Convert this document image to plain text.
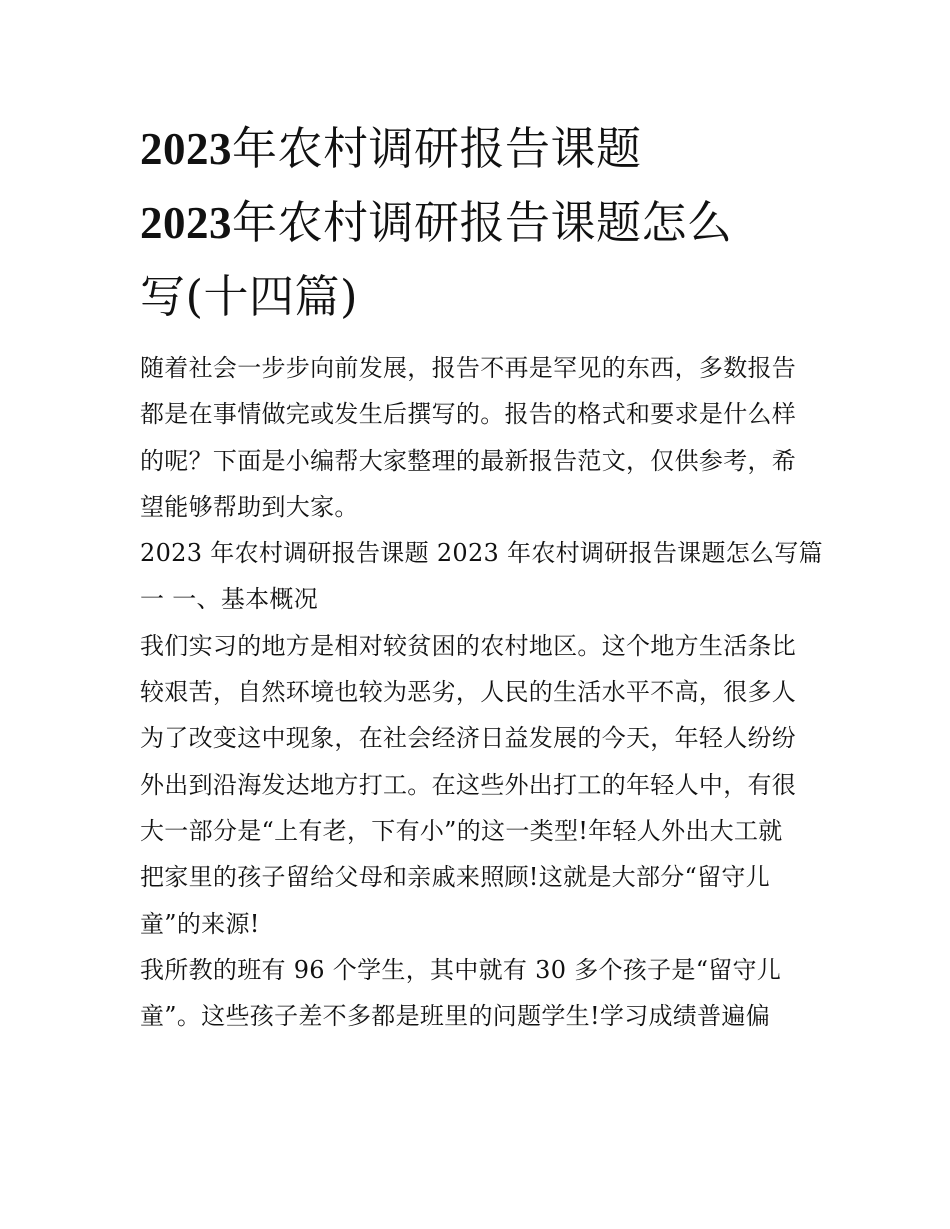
2023年农村调研报告课题
2023年农村调研报告课题怎么
写(十四篇)

随着社会一步步向前发展，报告不再是罕见的东西，多数报告
都是在事情做完或发生后撰写的。报告的格式和要求是什么样
的呢？下面是小编帮大家整理的最新报告范文，仅供参考，希
望能够帮助到大家。

2023 年农村调研报告课题 2023 年农村调研报告课题怎么写篇
一 一、基本概况

我们实习的地方是相对较贫困的农村地区。这个地方生活条比
较艰苦，自然环境也较为恶劣，人民的生活水平不高，很多人
为了改变这中现象，在社会经济日益发展的今天，年轻人纷纷
外出到沿海发达地方打工。在这些外出打工的年轻人中，有很
大一部分是“上有老，下有小”的这一类型!年轻人外出大工就
把家里的孩子留给父母和亲戚来照顾!这就是大部分“留守儿
童”的来源!

我所教的班有 96 个学生，其中就有 30 多个孩子是“留守儿
童”。这些孩子差不多都是班里的问题学生!学习成绩普遍偏
